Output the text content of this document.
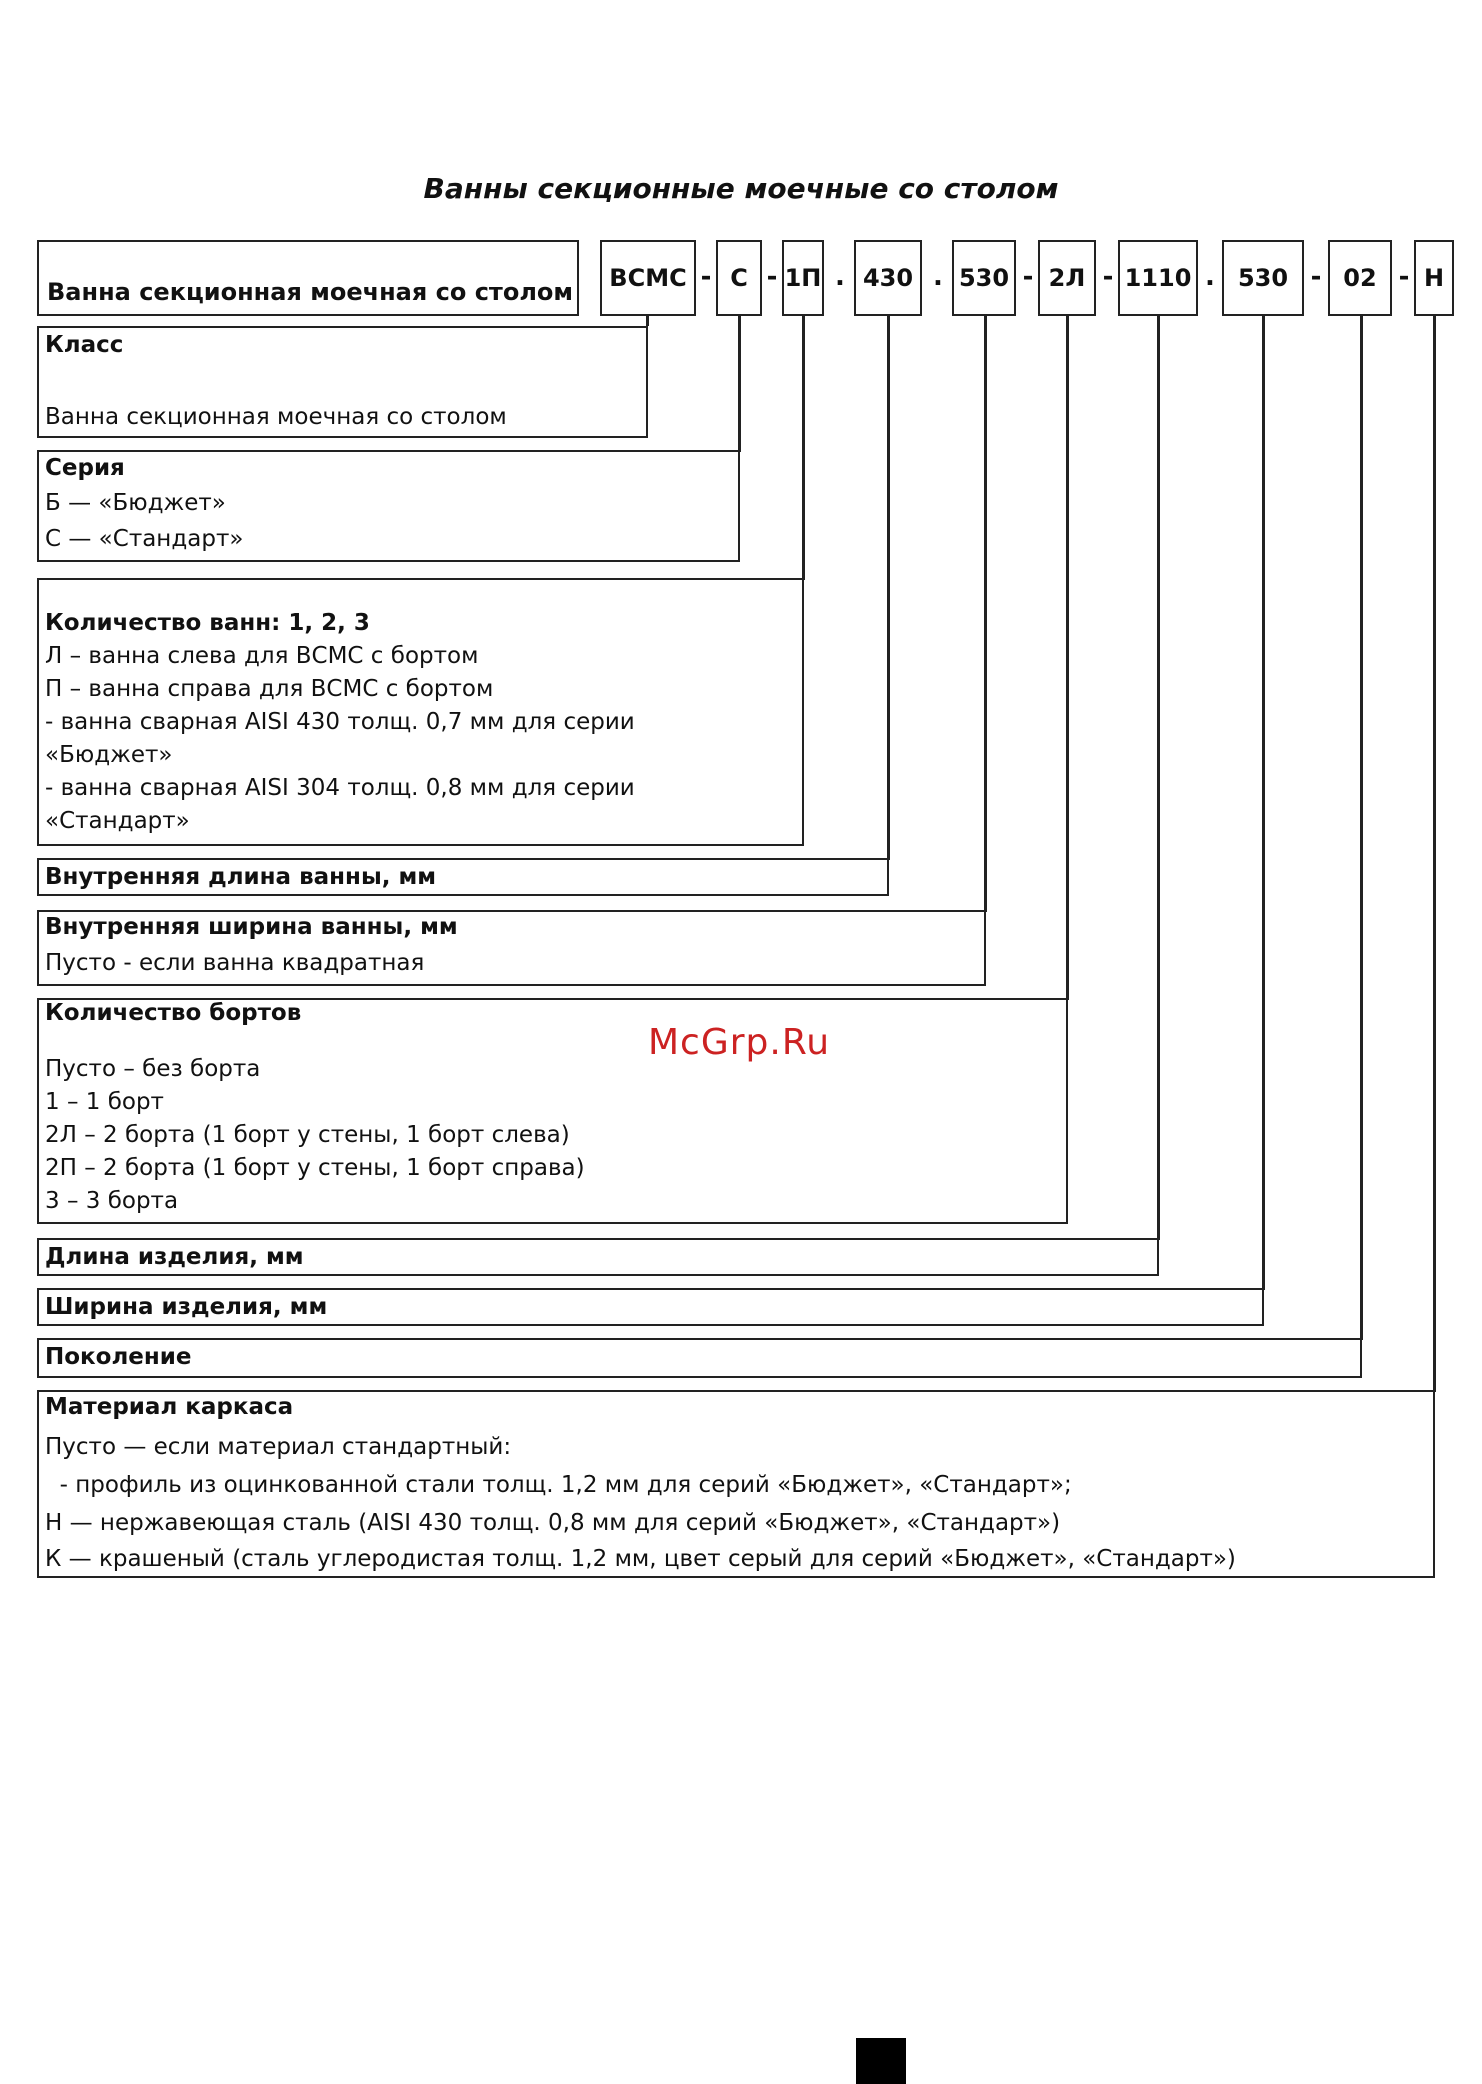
Ванны секционные моечные со столом
Ванна секционная моечная со столом	ВСМС - С - 1П . 430 . 530 - 2Л - 1110 . 530 - 02 - Н
Класс
Ванна секционная моечная со столом
Серия
Б — «Бюджет»
С — «Стандарт»
Количество ванн: 1, 2, 3
Л – ванна слева для ВСМС с бортом
П – ванна справа для ВСМС с бортом
- ванна сварная AISI 430 толщ. 0,7 мм для серии
«Бюджет»
- ванна сварная AISI 304 толщ. 0,8 мм для серии
«Стандарт»
Внутренняя длина ванны, мм
Внутренняя ширина ванны, мм
Пусто - если ванна квадратная
Количество бортов
Пусто – без борта
1 – 1 борт
2Л – 2 борта (1 борт у стены, 1 борт слева)
2П – 2 борта (1 борт у стены, 1 борт справа)
3 – 3 борта
Длина изделия, мм
Ширина изделия, мм
Поколение
Материал каркаса
Пусто — если материал стандартный:
- профиль из оцинкованной стали толщ. 1,2 мм для серий «Бюджет», «Стандарт»;
Н — нержавеющая сталь (AISI 430 толщ. 0,8 мм для серий «Бюджет», «Стандарт»)
К — крашеный (сталь углеродистая толщ. 1,2 мм, цвет серый для серий «Бюджет», «Стандарт»)
McGrp.Ru
